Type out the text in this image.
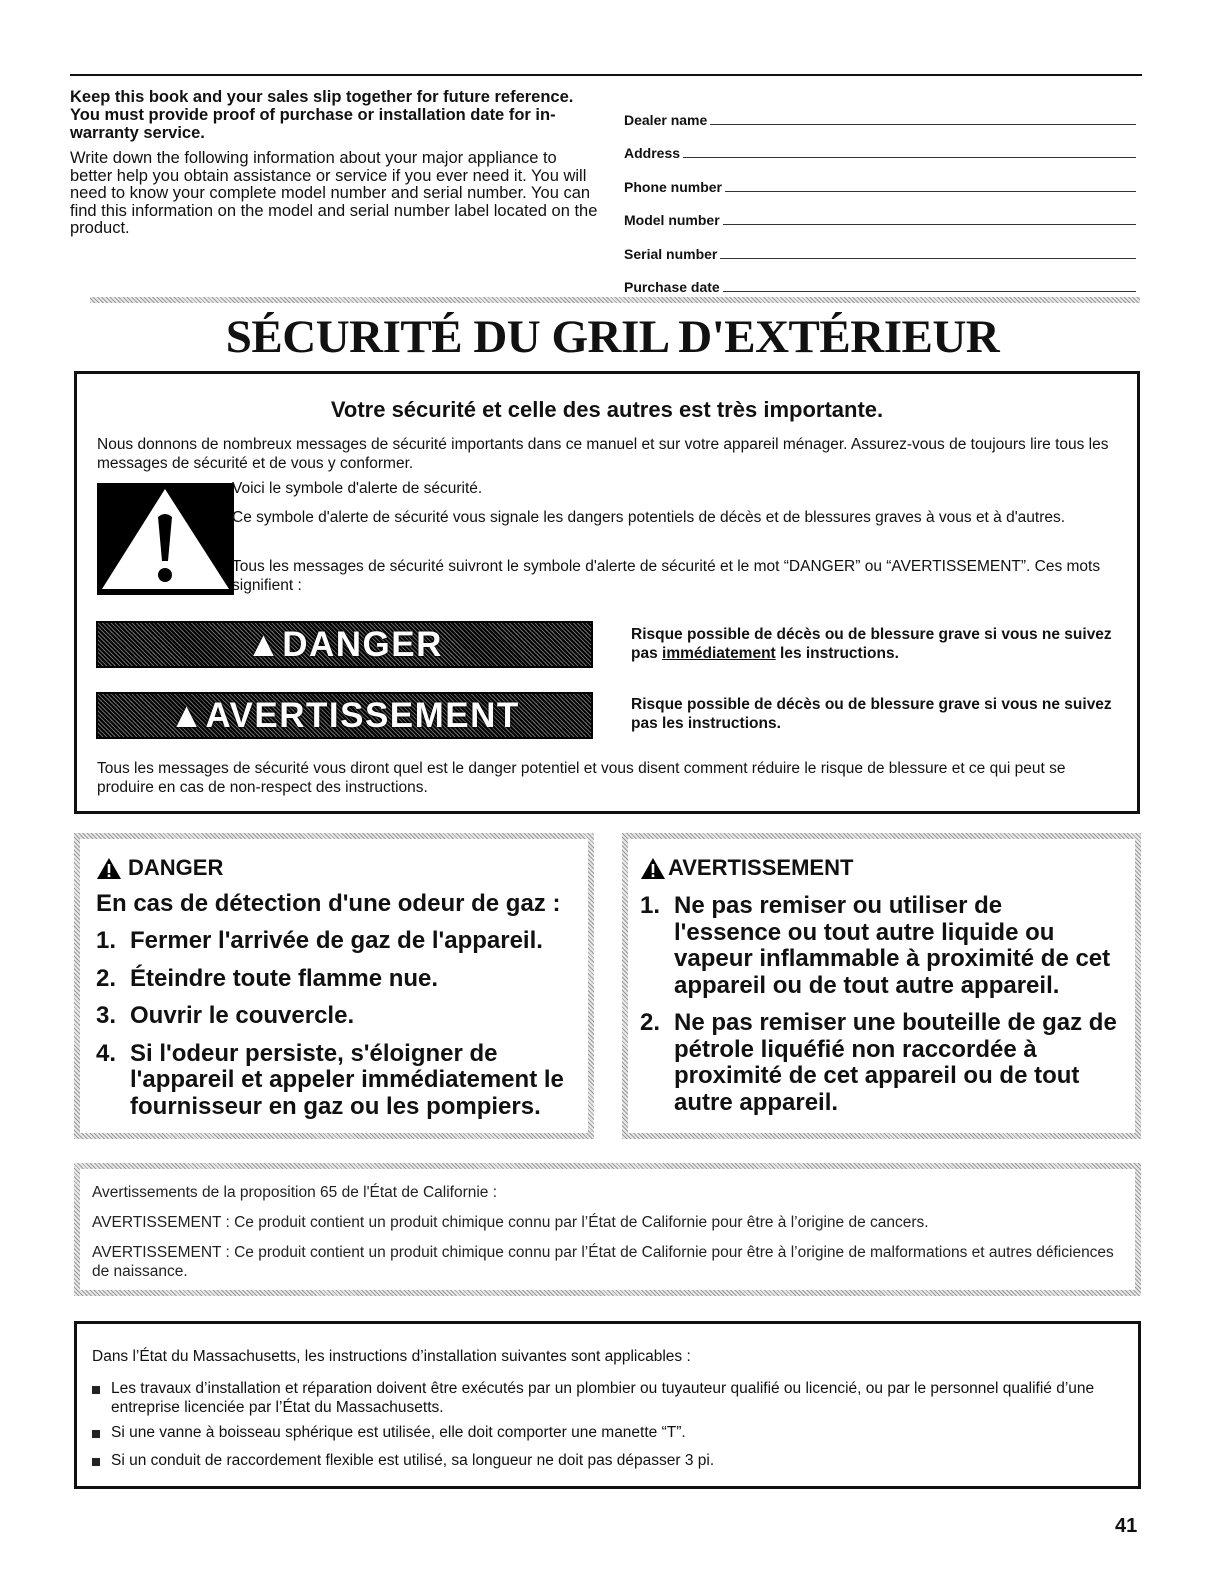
Keep this book and your sales slip together for future reference. You must provide proof of purchase or installation date for in-warranty service.

Write down the following information about your major appliance to better help you obtain assistance or service if you ever need it. You will need to know your complete model number and serial number. You can find this information on the model and serial number label located on the product.

Dealer name
Address
Phone number
Model number
Serial number
Purchase date
SÉCURITÉ DU GRIL D'EXTÉRIEUR
Votre sécurité et celle des autres est très importante.

Nous donnons de nombreux messages de sécurité importants dans ce manuel et sur votre appareil ménager. Assurez-vous de toujours lire tous les messages de sécurité et de vous y conformer.

Voici le symbole d'alerte de sécurité.

Ce symbole d'alerte de sécurité vous signale les dangers potentiels de décès et de blessures graves à vous et à d'autres.

Tous les messages de sécurité suivront le symbole d'alerte de sécurité et le mot “DANGER” ou “AVERTISSEMENT”. Ces mots signifient :

▲DANGER	Risque possible de décès ou de blessure grave si vous ne suivez pas immédiatement les instructions.

▲AVERTISSEMENT	Risque possible de décès ou de blessure grave si vous ne suivez pas les instructions.

Tous les messages de sécurité vous diront quel est le danger potentiel et vous disent comment réduire le risque de blessure et ce qui peut se produire en cas de non-respect des instructions.

DANGER
En cas de détection d'une odeur de gaz :
1. Fermer l'arrivée de gaz de l'appareil.
2. Éteindre toute flamme nue.
3. Ouvrir le couvercle.
4. Si l'odeur persiste, s'éloigner de l'appareil et appeler immédiatement le fournisseur en gaz ou les pompiers.
AVERTISSEMENT
1. Ne pas remiser ou utiliser de l'essence ou tout autre liquide ou vapeur inflammable à proximité de cet appareil ou de tout autre appareil.
2. Ne pas remiser une bouteille de gaz de pétrole liquéfié non raccordée à proximité de cet appareil ou de tout autre appareil.

Avertissements de la proposition 65 de l'État de Californie :

AVERTISSEMENT : Ce produit contient un produit chimique connu par l’État de Californie pour être à l’origine de cancers.

AVERTISSEMENT : Ce produit contient un produit chimique connu par l’État de Californie pour être à l’origine de malformations et autres déficiences de naissance.

Dans l’État du Massachusetts, les instructions d’installation suivantes sont applicables :

Les travaux d’installation et réparation doivent être exécutés par un plombier ou tuyauteur qualifié ou licencié, ou par le personnel qualifié d’une entreprise licenciée par l’État du Massachusetts.

Si une vanne à boisseau sphérique est utilisée, elle doit comporter une manette “T”.

Si un conduit de raccordement flexible est utilisé, sa longueur ne doit pas dépasser 3 pi.

41
